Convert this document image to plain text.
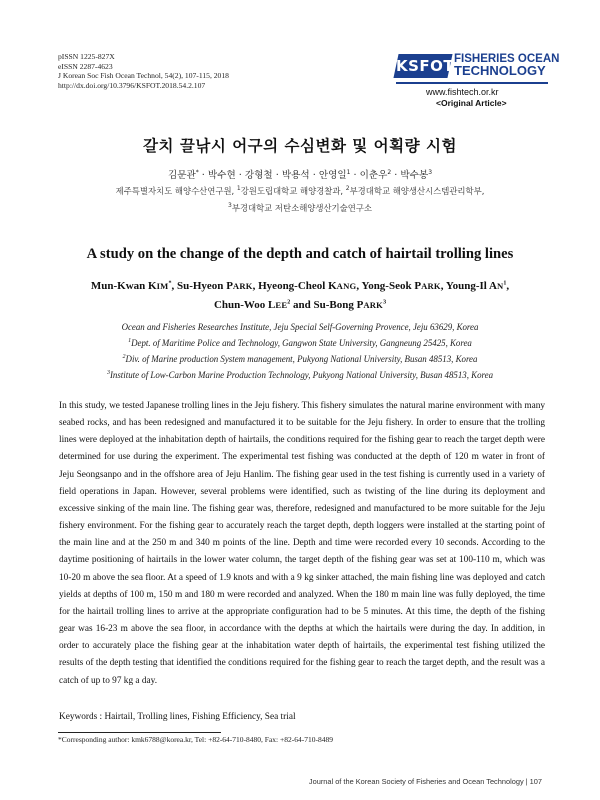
pISSN 1225-827X
eISSN 2287-4623
J Korean Soc Fish Ocean Technol, 54(2), 107-115, 2018
http://dx.doi.org/10.3796/KSFOT.2018.54.2.107
KSFOT FISHERIES OCEAN
TECHNOLOGY
www.fishtech.or.kr
<Original Article>
갈치 끌낚시 어구의 수심변화 및 어획량 시험
김문관* · 박수현 · 강형철 · 박용석 · 안영일$^1$ · 이춘우$^2$ · 박수봉$^3$
제주특별자치도 해양수산연구원, $^1$강원도립대학교 해양경찰과, $^2$부경대학교 해양생산시스템관리학부,
$^3$부경대학교 저탄소해양생산기술연구소
A study on the change of the depth and catch of hairtail trolling lines
Mun-Kwan KIM*, Su-Hyeon PARK, Hyeong-Cheol KANG, Yong-Seok PARK, Young-Il $AN^1$,
Chun-Woo LEE$^2$ and Su-Bong PARK$^3$
Ocean and Fisheries Researches Institute, Jeju Special Self-Governing Provence, Jeju 63629, Korea
$^1$Dept. of Maritime Police and Technology, Gangwon State University, Gangneung 25425, Korea
$^2$Div. of Marine production System management, Pukyong National University, Busan 48513, Korea
$^3$Institute of Low-Carbon Marine Production Technology, Pukyong National University, Busan 48513, Korea
In this study, we tested Japanese trolling lines in the Jeju fishery. This fishery simulates the natural marine environment with many seabed rocks, and has been redesigned and manufactured it to be suitable for the Jeju fishery. In order to ensure that the trolling lines were deployed at the inhabitation depth of hairtails, the conditions required for the fishing gear to reach the target depth were determined for use during the experiment. The experimental test fishing was conducted at the depth of 120 m water in front of Jeju Seongsanpo and in the offshore area of Jeju Hanlim. The fishing gear used in the test fishing is currently used in a variety of field operations in Japan. However, several problems were identified, such as twisting of the line during its deployment and excessive sinking of the main line. The fishing gear was, therefore, redesigned and manufactured to be more suitable for the Jeju fishery environment. For the fishing gear to accurately reach the target depth, depth loggers were installed at the starting point of the main line and at the 250 m and 340 m points of the line. Depth and time were recorded every 10 seconds. According to the daytime positioning of hairtails in the lower water column, the target depth of the fishing gear was set at 100-110 m, which was 10-20 m above the sea floor. At a speed of 1.9 knots and with a 9 kg sinker attached, the main fishing line was deployed and catch yields at depths of 100 m, 150 m and 180 m were recorded and analyzed. When the 180 m main line was fully deployed, the time for the hairtail trolling lines to arrive at the appropriate configuration had to be 5 minutes. At this time, the depth of the fishing gear was 16-23 m above the sea floor, in accordance with the depths at which the hairtails were during the day. In addition, in order to accurately place the fishing gear at the inhabitation water depth of hairtails, the experimental test fishing utilized the results of the depth testing that identified the conditions required for the fishing gear to reach the target depth, and the result was a catch of up to 97 kg a day.
Keywords : Hairtail, Trolling lines, Fishing Efficiency, Sea trial
*Corresponding author: kmk6788@korea.kr, Tel: +82-64-710-8480, Fax: +82-64-710-8489
Journal of the Korean Society of Fisheries and Ocean Technology | 107
